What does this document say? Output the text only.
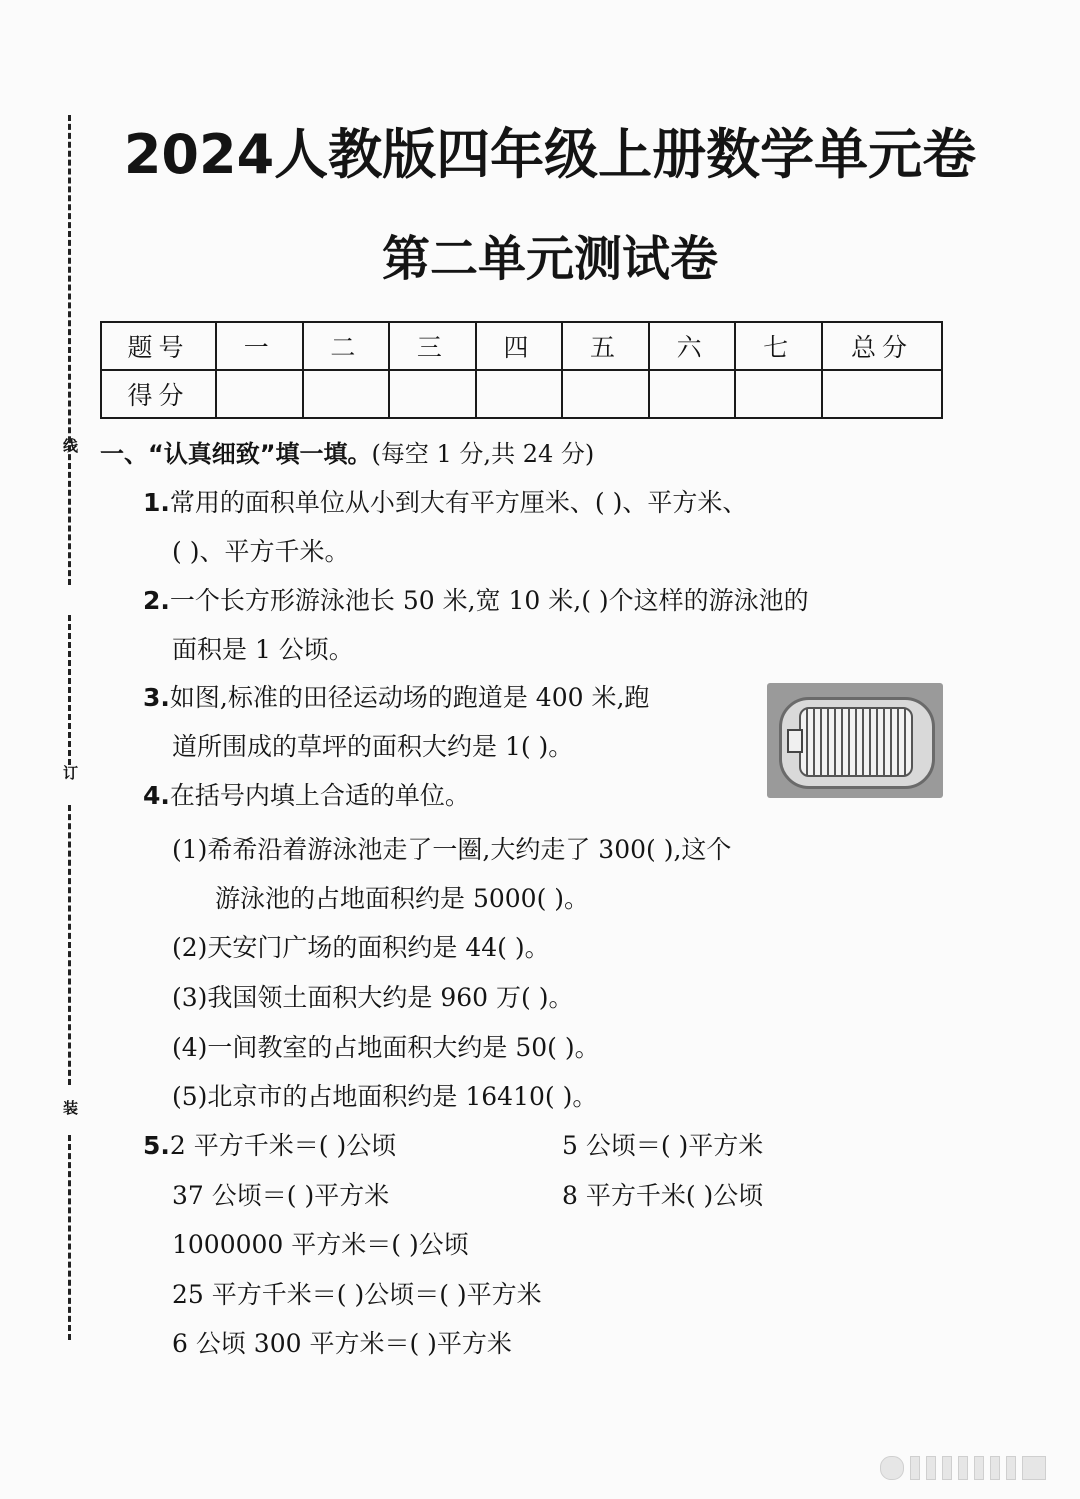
线
订
装
2024人教版四年级上册数学单元卷
第二单元测试卷
题号	一	二	三	四	五	六	七	总分
得分								
一、“认真细致”填一填。(每空 1 分,共 24 分)
1.常用的面积单位从小到大有平方厘米、( )、平方米、
( )、平方千米。
2.一个长方形游泳池长 50 米,宽 10 米,( )个这样的游泳池的
面积是 1 公顷。
3.如图,标准的田径运动场的跑道是 400 米,跑
道所围成的草坪的面积大约是 1( )。
4.在括号内填上合适的单位。
(1)希希沿着游泳池走了一圈,大约走了 300( ),这个
游泳池的占地面积约是 5000( )。
(2)天安门广场的面积约是 44( )。
(3)我国领土面积大约是 960 万( )。
(4)一间教室的占地面积大约是 50( )。
(5)北京市的占地面积约是 16410( )。
5.2 平方千米＝( )公顷	5 公顷＝( )平方米
37 公顷＝( )平方米	8 平方千米( )公顷
1000000 平方米＝( )公顷
25 平方千米＝( )公顷＝( )平方米
6 公顷 300 平方米＝( )平方米
